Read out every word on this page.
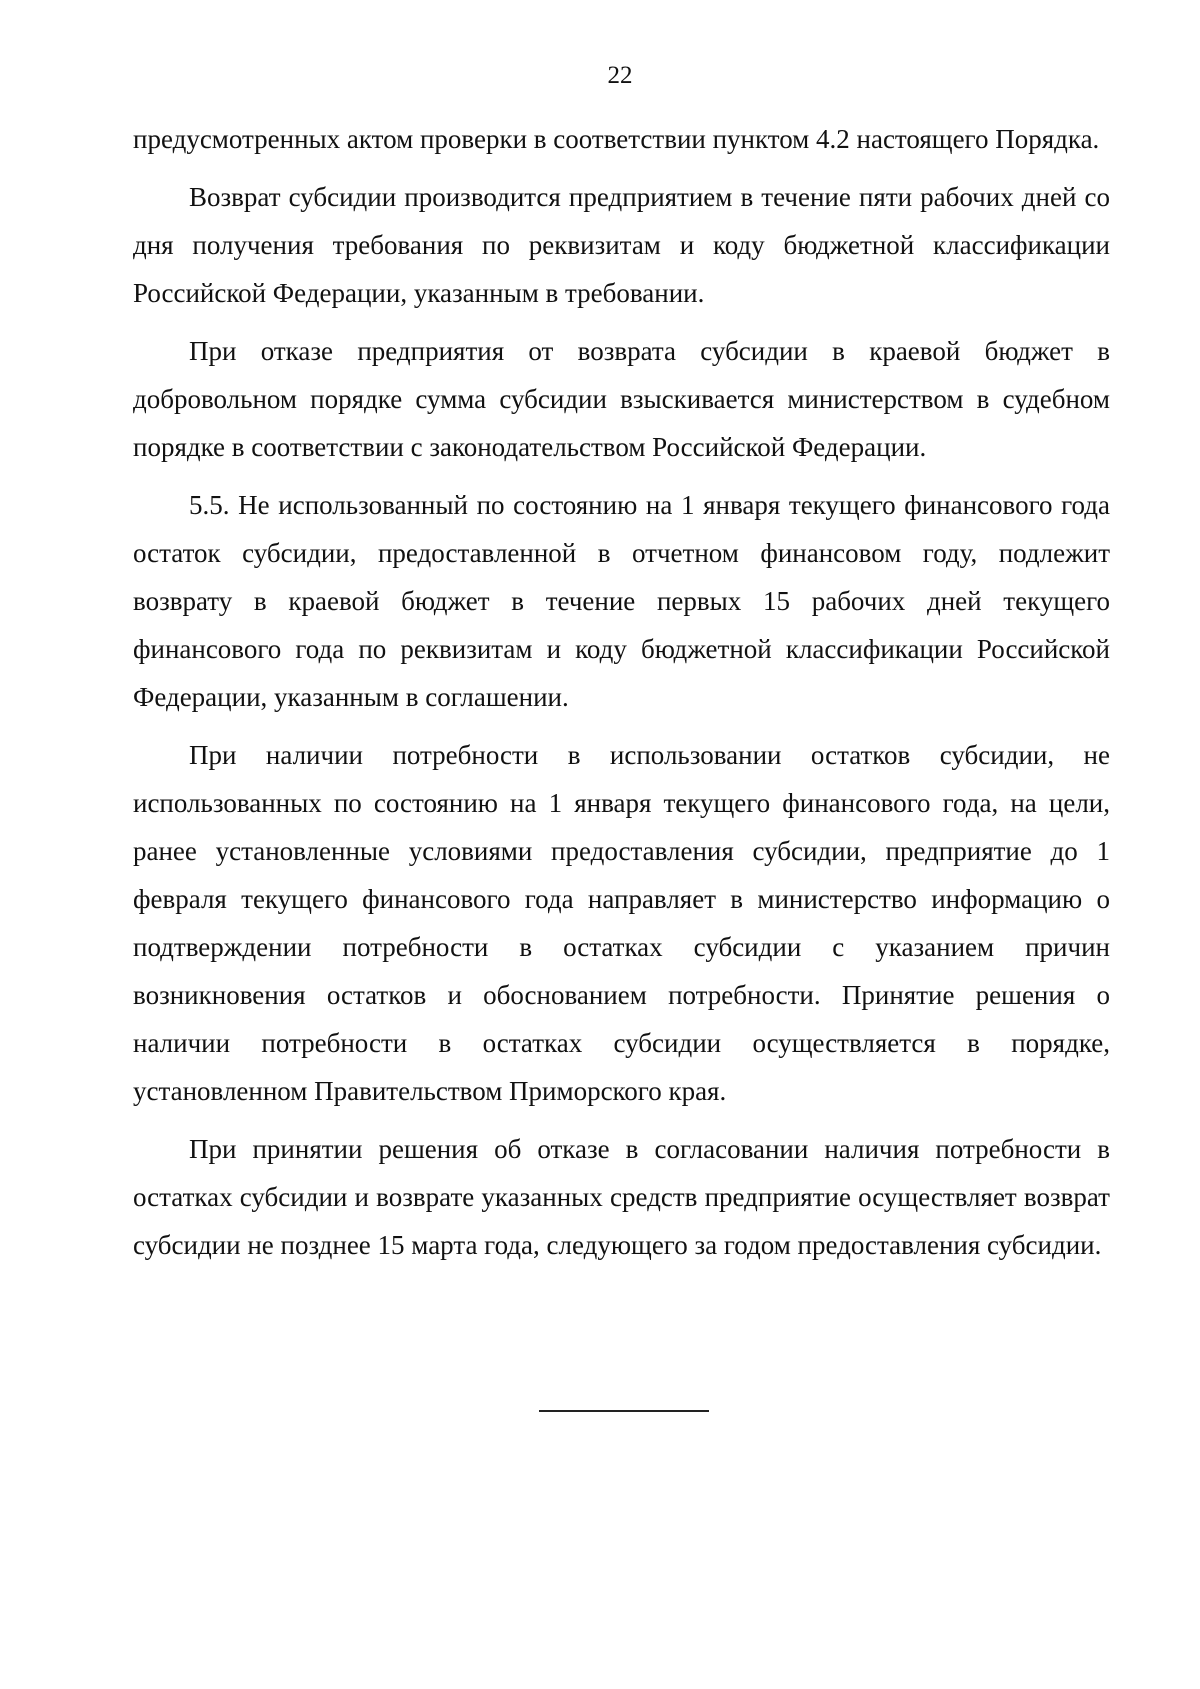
22

предусмотренных актом проверки в соответствии пунктом 4.2 настоящего Порядка.

Возврат субсидии производится предприятием в течение пяти рабочих дней со дня получения требования по реквизитам и коду бюджетной классификации Российской Федерации, указанным в требовании.

При отказе предприятия от возврата субсидии в краевой бюджет в добровольном порядке сумма субсидии взыскивается министерством в судебном порядке в соответствии с законодательством Российской Федерации.

5.5. Не использованный по состоянию на 1 января текущего финансового года остаток субсидии, предоставленной в отчетном финансовом году, подлежит возврату в краевой бюджет в течение первых 15 рабочих дней текущего финансового года по реквизитам и коду бюджетной классификации Российской Федерации, указанным в соглашении.

При наличии потребности в использовании остатков субсидии, не использованных по состоянию на 1 января текущего финансового года, на цели, ранее установленные условиями предоставления субсидии, предприятие до 1 февраля текущего финансового года направляет в министерство информацию о подтверждении потребности в остатках субсидии с указанием причин возникновения остатков и обоснованием потребности. Принятие решения о наличии потребности в остатках субсидии осуществляется в порядке, установленном Правительством Приморского края.

При принятии решения об отказе в согласовании наличия потребности в остатках субсидии и возврате указанных средств предприятие осуществляет возврат субсидии не позднее 15 марта года, следующего за годом предоставления субсидии.
